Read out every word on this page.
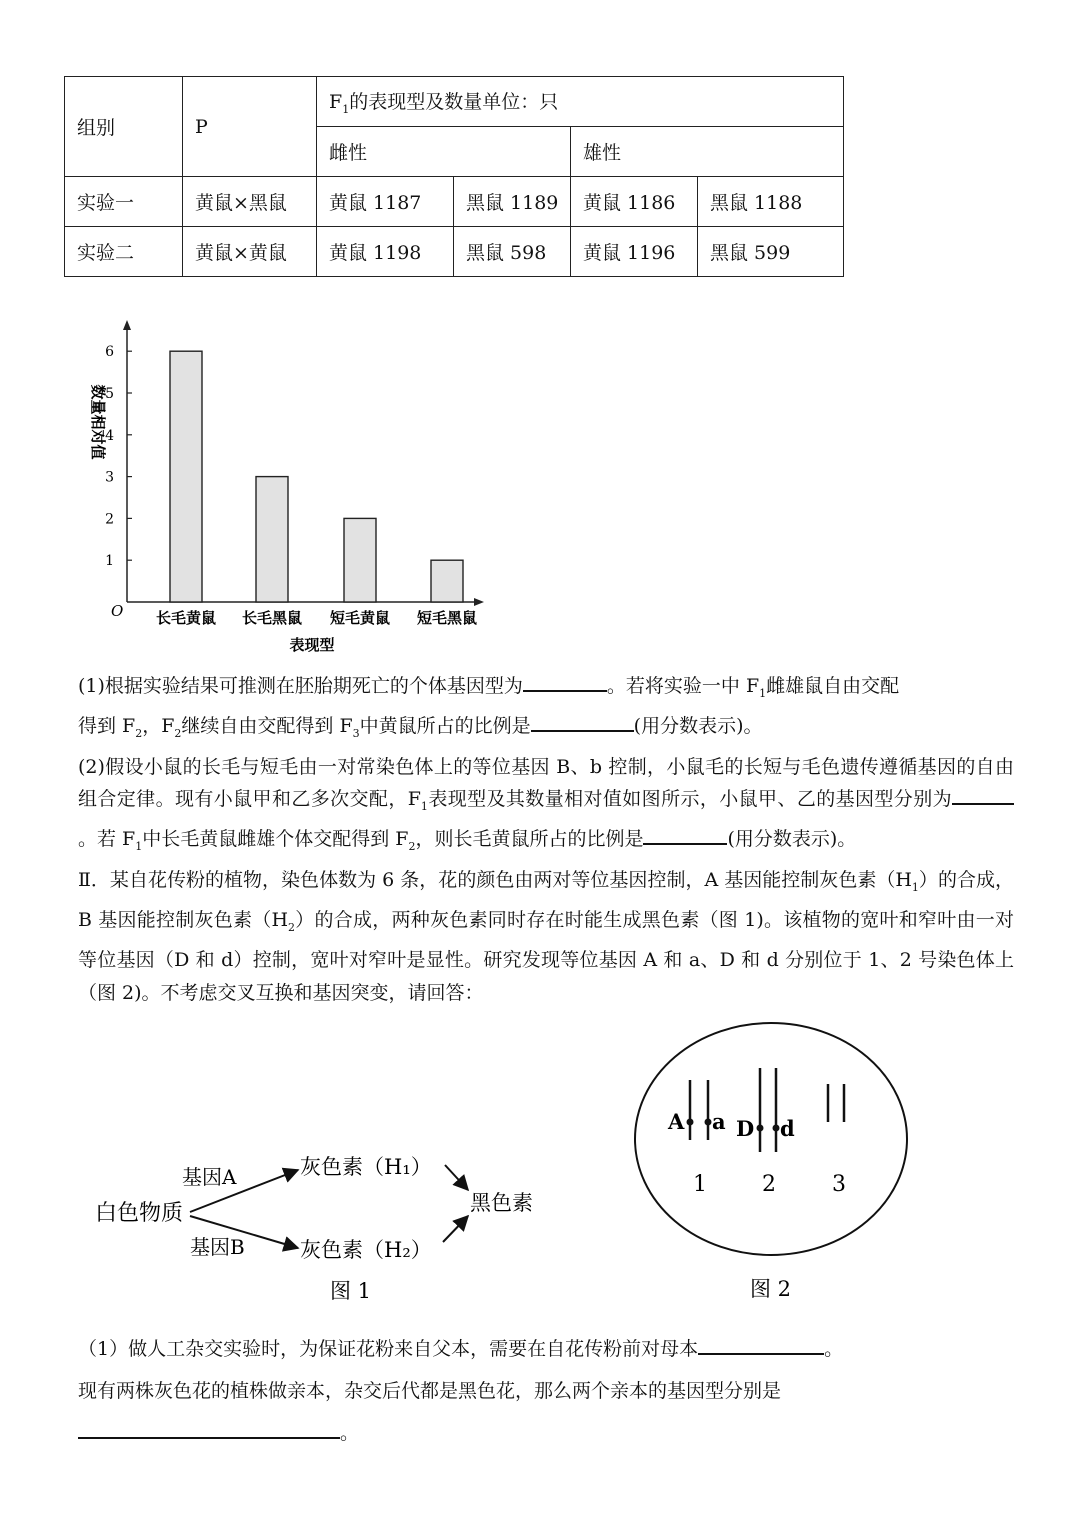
组别	P	$F_1$的表现型及数量单位：只			
		雌性		雄性	
实验一	黄鼠×黑鼠	黄鼠 1187	黑鼠 1189	黄鼠 1186	黑鼠 1188
实验二	黄鼠×黄鼠	黄鼠 1198	黑鼠 598	黄鼠 1196	黑鼠 599
1
2
3
4
5
6
O 长毛黄鼠 长毛黑鼠 短毛黄鼠 短毛黑鼠
表现型
数量相对值
(1)根据实验结果可推测在胚胎期死亡的个体基因型为	。若将实验一中 $F_1$雌雄鼠自由交配
得到 $F_2$，$F_2$继续自由交配得到 $F_3$中黄鼠所占的比例是	(用分数表示)。
(2)假设小鼠的长毛与短毛由一对常染色体上的等位基因 B、b 控制，小鼠毛的长短与毛色遗传遵循基因的自由组合定律。现有小鼠甲和乙多次交配，$F_1$表现型及其数量相对值如图所示，小鼠甲、乙的基因型分别为。若 $F_1$中长毛黄鼠雌雄个体交配得到 $F_2$，则长毛黄鼠所占的比例是	(用分数表示)。
Ⅱ．某自花传粉的植物，染色体数为 6 条，花的颜色由两对等位基因控制，A 基因能控制灰色素$(H_1)$的合成，B 基因能控制灰色素$(H_2)$的合成，两种灰色素同时存在时能生成黑色素（图 1)。该植物的宽叶和窄叶由一对等位基因（D 和 d）控制，宽叶对窄叶是显性。研究发现等位基因 A 和 a、D 和 d 分别位于 1、2 号染色体上（图 2)。不考虑交叉互换和基因突变，请回答：
白色物质
基因A
基因B
灰色素（H₁）
灰色素（H₂）
黑色素
图 1
A a D d
1	2	3
图 2
（1）做人工杂交实验时，为保证花粉来自父本，需要在自花传粉前对母本	。
现有两株灰色花的植株做亲本，杂交后代都是黑色花，那么两个亲本的基因型分别是
。
